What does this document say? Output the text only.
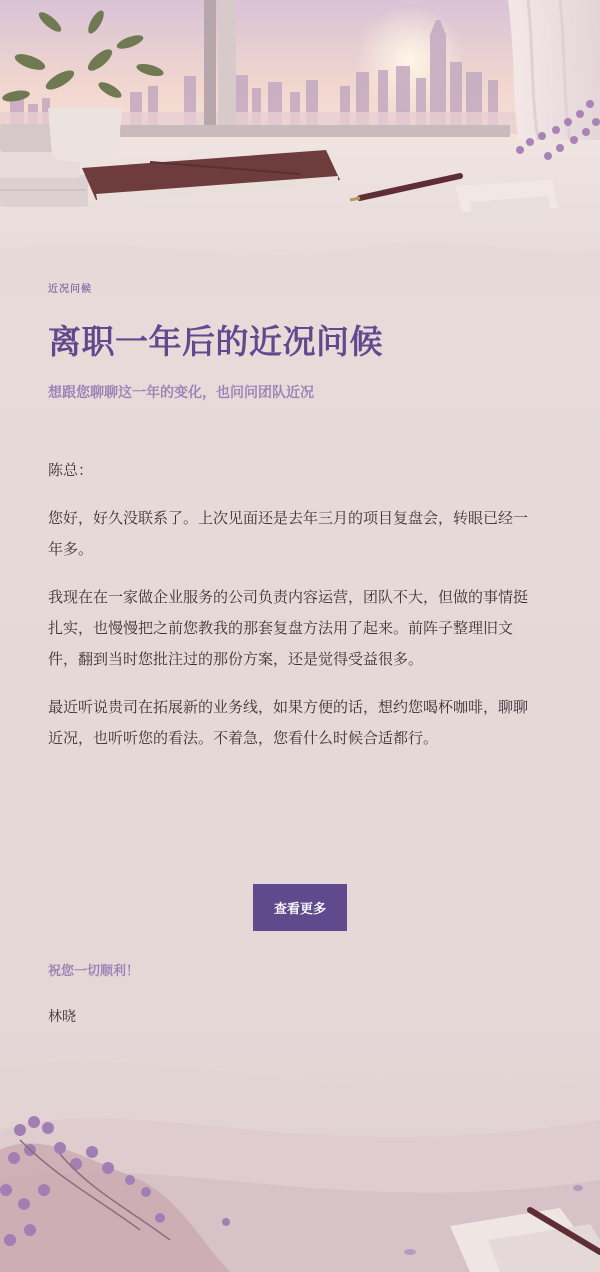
近况问候
离职一年后的近况问候
想跟您聊聊这一年的变化，也问问团队近况

陈总：

您好，好久没联系了。上次见面还是去年三月的项目复盘会，转眼已经一年多。

我现在在一家做企业服务的公司负责内容运营，团队不大，但做的事情挺扎实，也慢慢把之前您教我的那套复盘方法用了起来。前阵子整理旧文件，翻到当时您批注过的那份方案，还是觉得受益很多。

最近听说贵司在拓展新的业务线，如果方便的话，想约您喝杯咖啡，聊聊近况，也听听您的看法。不着急，您看什么时候合适都行。

查看更多
祝您一切顺利！
林晓
